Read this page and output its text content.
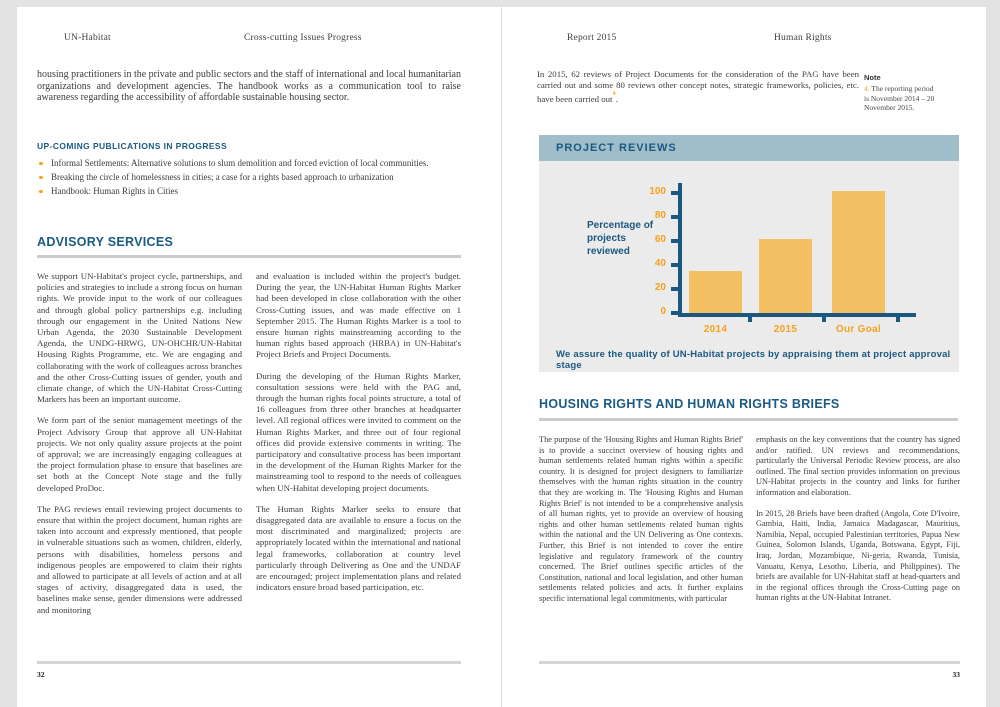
UN-Habitat	Cross-cutting Issues Progress

housing practitioners in the private and public sectors and the staff of international and local humanitarian organizations and development agencies. The handbook works as a communication tool to raise awareness regarding the accessibility of affordable sustainable housing sector.

UP-COMING PUBLICATIONS IN PROGRESS
Informal Settlements: Alternative solutions to slum demolition and forced eviction of local communities.
Breaking the circle of homelessness in cities; a case for a rights based approach to urbanization
Handbook: Human Rights in Cities
ADVISORY SERVICES

We support UN-Habitat's project cycle, partnerships, and policies and strategies to include a strong focus on human rights. We provide input to the work of our colleagues and through global policy partnerships e.g. including through our engagement in the United Nations New Urban Agenda, the 2030 Sustainable Development Agenda, the UNDG-HRWG, UN-OHCHR/UN-Habitat Housing Rights Programme, etc. We are engaging and collaborating with the work of colleagues across branches and the other Cross-Cutting issues of gender, youth and climate change, of which the UN-Habitat Cross-Cutting Markers has been an important outcome.

We form part of the senior management meetings of the Project Advisory Group that approve all UN-Habitat projects. We not only quality assure projects at the point of approval; we are increasingly engaging colleagues at the project formulation phase to ensure that baselines are set both at the Concept Note stage and the fully developed ProDoc.

The PAG reviews entail reviewing project documents to ensure that within the project document, human rights are taken into account and expressly mentioned, that people in vulnerable situations such as women, children, elderly, persons with disabilities, homeless persons and indigenous peoples are empowered to claim their rights and allowed to participate at all levels of action and at all stages of activity, disaggregated data is used, the baselines make sense, gender dimensions were addressed and monitoring

and evaluation is included within the project's budget. During the year, the UN-Habitat Human Rights Marker had been developed in close collaboration with the other Cross-Cutting issues, and was made effective on 1 September 2015. The Human Rights Marker is a tool to ensure human rights mainstreaming according to the human rights based approach (HRBA) in UN-Habitat's Project Briefs and Project Documents.

During the developing of the Human Rights Marker, consultation sessions were held with the PAG and, through the human rights focal points structure, a total of 16 colleagues from three other branches at headquarter level. All regional offices were invited to comment on the Human Rights Marker, and three out of four regional offices did provide extensive comments in writing. The participatory and consultative process has been important in the development of the Human Rights Marker for the mainstreaming tool to respond to the needs of colleagues when UN-Habitat developing project documents.

The Human Rights Marker seeks to ensure that disaggregated data are available to ensure a focus on the most discriminated and marginalized; projects are appropriately located within the international and national legal frameworks, collaboration at country level particularly through Delivering as One and the UNDAF are encouraged; project implementation plans and related indicators ensure broad based participation, etc.

32
Report 2015	Human Rights

In 2015, 62 reviews of Project Documents for the consideration of the PAG have been carried out and some 80 reviews other concept notes, strategic frameworks, policies, etc. have been carried out$^4$.

Note

4. The reporting period is November 2014 – 20 November 2015.

PROJECT REVIEWS
Percentage of projects reviewed
0
20
40
60
80
100
2014	2015	Our Goal
We assure the quality of UN-Habitat projects by appraising them at project approval stage
HOUSING RIGHTS AND HUMAN RIGHTS BRIEFS

The purpose of the 'Housing Rights and Human Rights Brief' is to provide a succinct overview of housing rights and human settlements related human rights within a specific country. It is designed for project designers to familiarize themselves with the human rights situation in the country that they are working in. The 'Housing Rights and Human Rights Brief' is not intended to be a comprehensive analysis of all human rights, yet to provide an overview of housing rights and other human settlements related human rights within the national and the UN Delivering as One contexts. Further, this Brief is not intended to cover the entire legislative and regulatory framework of the country concerned. The Brief outlines specific articles of the Constitution, national and local legislation, and other human settlements related policies and acts. It further explains specific international legal commitments, with particular

emphasis on the key conventions that the country has signed and/or ratified. UN reviews and recommendations, particularly the Universal Periodic Review process, are also outlined. The final section provides information on previous UN-Habitat projects in the country and links for further information and elaboration.

In 2015, 28 Briefs have been drafted (Angola, Cote D'Ivoire, Gambia, Haiti, India, Jamaica Madagascar, Mauritius, Namibia, Nepal, occupied Palestinian territories, Papua New Guinea, Solomon Islands, Uganda, Botswana, Egypt, Fiji, Iraq, Jordan, Mozambique, Ni-geria, Rwanda, Tunisia, Vanuatu, Kenya, Lesotho, Liberia, and Philippines). The briefs are available for UN-Habitat staff at head-quarters and in the regional offices through the Cross-Cutting page on human rights at the UN-Habitat Intranet.

33
